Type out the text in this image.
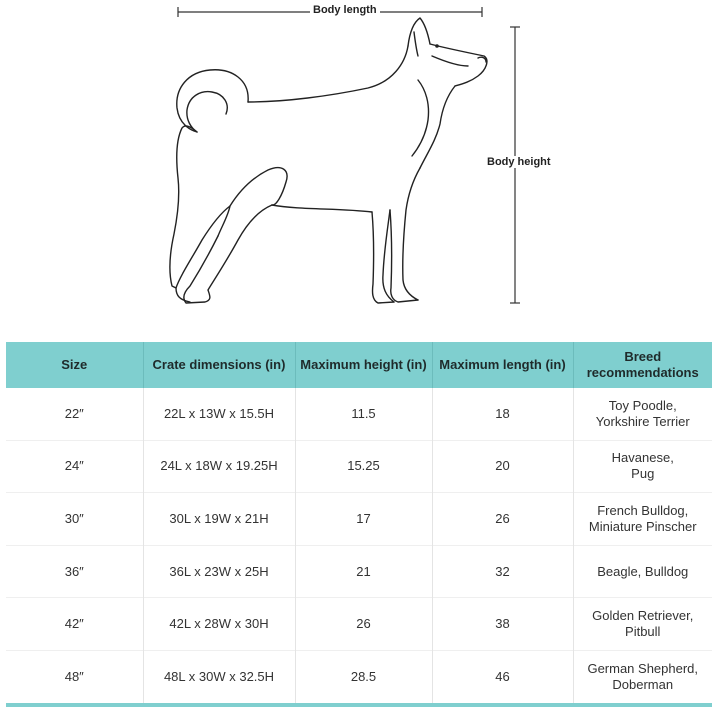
Body length
Body height
Size	Crate dimensions (in)	Maximum height (in)	Maximum length (in)	Breed recommendations
22″	22L x 13W x 15.5H	11.5	18	Toy Poodle,
Yorkshire Terrier

24″	24L x 18W x 19.25H	15.25	20	Havanese,
Pug

30″	30L x 19W x 21H	17	26	French Bulldog,
Miniature Pinscher

36″	36L x 23W x 25H	21	32	Beagle, Bulldog

42″	42L x 28W x 30H	26	38	Golden Retriever,
Pitbull

48″	48L x 30W x 32.5H	28.5	46	German Shepherd,
Doberman
